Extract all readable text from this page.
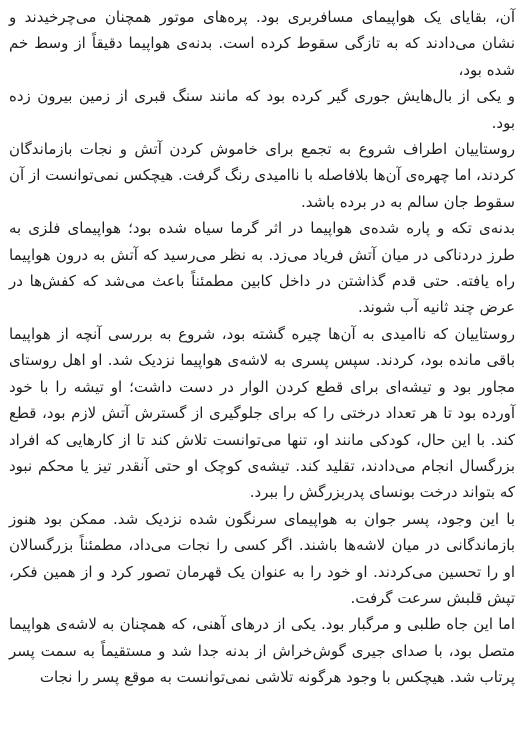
آن، بقایای یک هواپیمای مسافربری بود. پره‌های موتور همچنان می‌چرخیدند و نشان می‌دادند که به تازگی سقوط کرده است. بدنه‌ی هواپیما دقیقاً از وسط خم شده بود،

و یکی از بال‌هایش جوری گیر کرده بود که مانند سنگ قبری از زمین بیرون زده بود.

روستاییان اطراف شروع به تجمع برای خاموش کردن آتش و نجات بازماندگان کردند، اما چهره‌ی آن‌ها بلافاصله با ناامیدی رنگ گرفت. هیچکس نمی‌توانست از آن سقوط جان سالم به در برده باشد.

بدنه‌ی تکه و پاره شده‌ی هواپیما در اثر گرما سیاه شده بود؛ هواپیمای فلزی به طرز دردناکی در میان آتش فریاد می‌زد. به نظر می‌رسید که آتش به درون هواپیما راه یافته. حتی قدم گذاشتن در داخل کابین مطمئناً باعث می‌شد که کفش‌ها در عرض چند ثانیه آب شوند.

روستاییان که ناامیدی به آن‌ها چیره گشته بود، شروع به بررسی آنچه از هواپیما باقی مانده بود، کردند. سپس پسری به لاشه‌ی هواپیما نزدیک شد. او اهل روستای مجاور بود و تیشه‌ای برای قطع کردن الوار در دست داشت؛ او تیشه را با خود آورده بود تا هر تعداد درختی را که برای جلوگیری از گسترش آتش لازم بود، قطع کند. با این حال، کودکی مانند او، تنها می‌توانست تلاش کند تا از کارهایی که افراد بزرگسال انجام می‌دادند، تقلید کند. تیشه‌ی کوچک او حتی آنقدر تیز یا محکم نبود که بتواند درخت بونسای پدربزرگش را ببرد.

با این وجود، پسر جوان به هواپیمای سرنگون شده نزدیک شد. ممکن بود هنوز بازماندگانی در میان لاشه‌ها باشند. اگر کسی را نجات می‌داد، مطمئناً بزرگسالان او را تحسین می‌کردند. او خود را به عنوان یک قهرمان تصور کرد و از همین فکر، تپش قلبش سرعت گرفت.

اما این جاه طلبی و مرگبار بود. یکی از درهای آهنی، که همچنان به لاشه‌ی هواپیما متصل بود، با صدای جیری گوش‌خراش از بدنه جدا شد و مستقیماً به سمت پسر پرتاب شد. هیچکس با وجود هرگونه تلاشی نمی‌توانست به موقع پسر را نجات
